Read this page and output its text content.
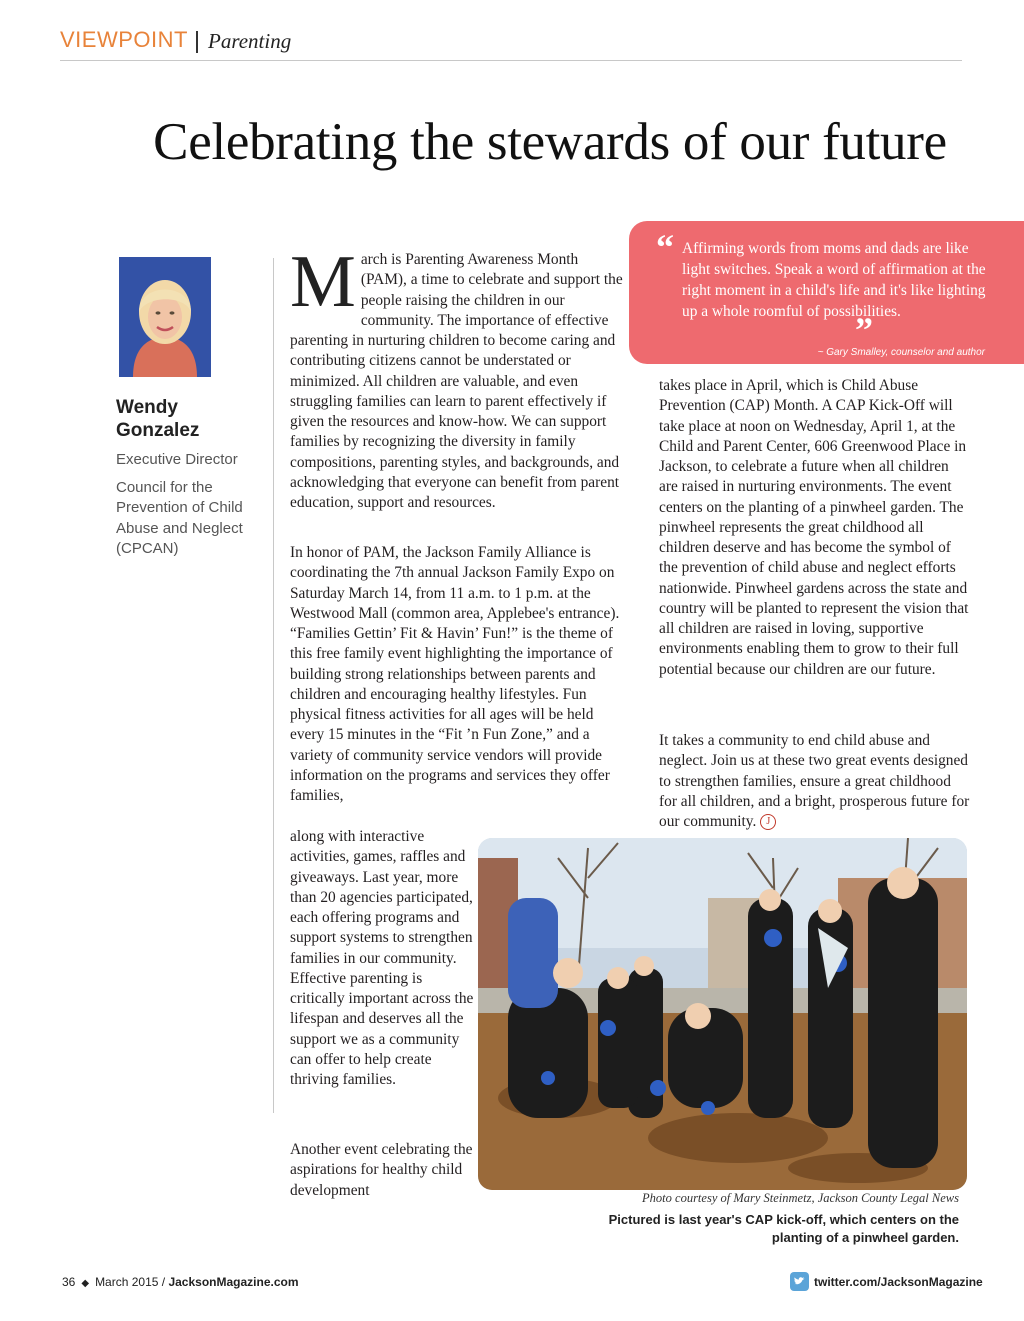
VIEWPOINT Parenting
Celebrating the stewards of our future
Wendy Gonzalez
Executive Director
Council for the Prevention of Child Abuse and Neglect (CPCAN)
M arch is Parenting Awareness Month (PAM), a time to celebrate and support the people raising the children in our community. The importance of effective parenting in nurturing children to become caring and contributing citizens cannot be understated or minimized. All children are valuable, and even struggling families can learn to parent effectively if given the resources and know-how. We can support families by recognizing the diversity in family compositions, parenting styles, and backgrounds, and acknowledging that everyone can benefit from parent education, support and resources.
In honor of PAM, the Jackson Family Alliance is coordinating the 7th annual Jackson Family Expo on Saturday March 14, from 11 a.m. to 1 p.m. at the Westwood Mall (common area, Applebee's entrance). “Families Gettin’ Fit & Havin’ Fun!” is the theme of this free family event highlighting the importance of building strong relationships between parents and children and encouraging healthy lifestyles. Fun physical fitness activities for all ages will be held every 15 minutes in the “Fit ’n Fun Zone,” and a variety of community service vendors will provide information on the programs and services they offer families,
along with interactive activities, games, raffles and giveaways. Last year, more than 20 agencies participated, each offering programs and support systems to strengthen families in our community. Effective parenting is critically important across the lifespan and deserves all the support we as a community can offer to help create thriving families.
Another event celebrating the aspirations for healthy child development
“ Affirming words from moms and dads are like light switches. Speak a word of affirmation at the right moment in a child's life and it's like lighting up a whole roomful of possibilities.
”
~ Gary Smalley, counselor and author
takes place in April, which is Child Abuse Prevention (CAP) Month. A CAP Kick-Off will take place at noon on Wednesday, April 1, at the Child and Parent Center, 606 Greenwood Place in Jackson, to celebrate a future when all children are raised in nurturing environments. The event centers on the planting of a pinwheel garden. The pinwheel represents the great childhood all children deserve and has become the symbol of the prevention of child abuse and neglect efforts nationwide. Pinwheel gardens across the state and country will be planted to represent the vision that all children are raised in loving, supportive environments enabling them to grow to their full potential because our children are our future.
It takes a community to end child abuse and neglect. Join us at these two great events designed to strengthen families, ensure a great childhood for all children, and a bright, prosperous future for our community. J
Photo courtesy of Mary Steinmetz, Jackson County Legal News
Pictured is last year's CAP kick-off, which centers on the planting of a pinwheel garden.
36 ◆ March 2015 / JacksonMagazine.com	twitter.com/JacksonMagazine
